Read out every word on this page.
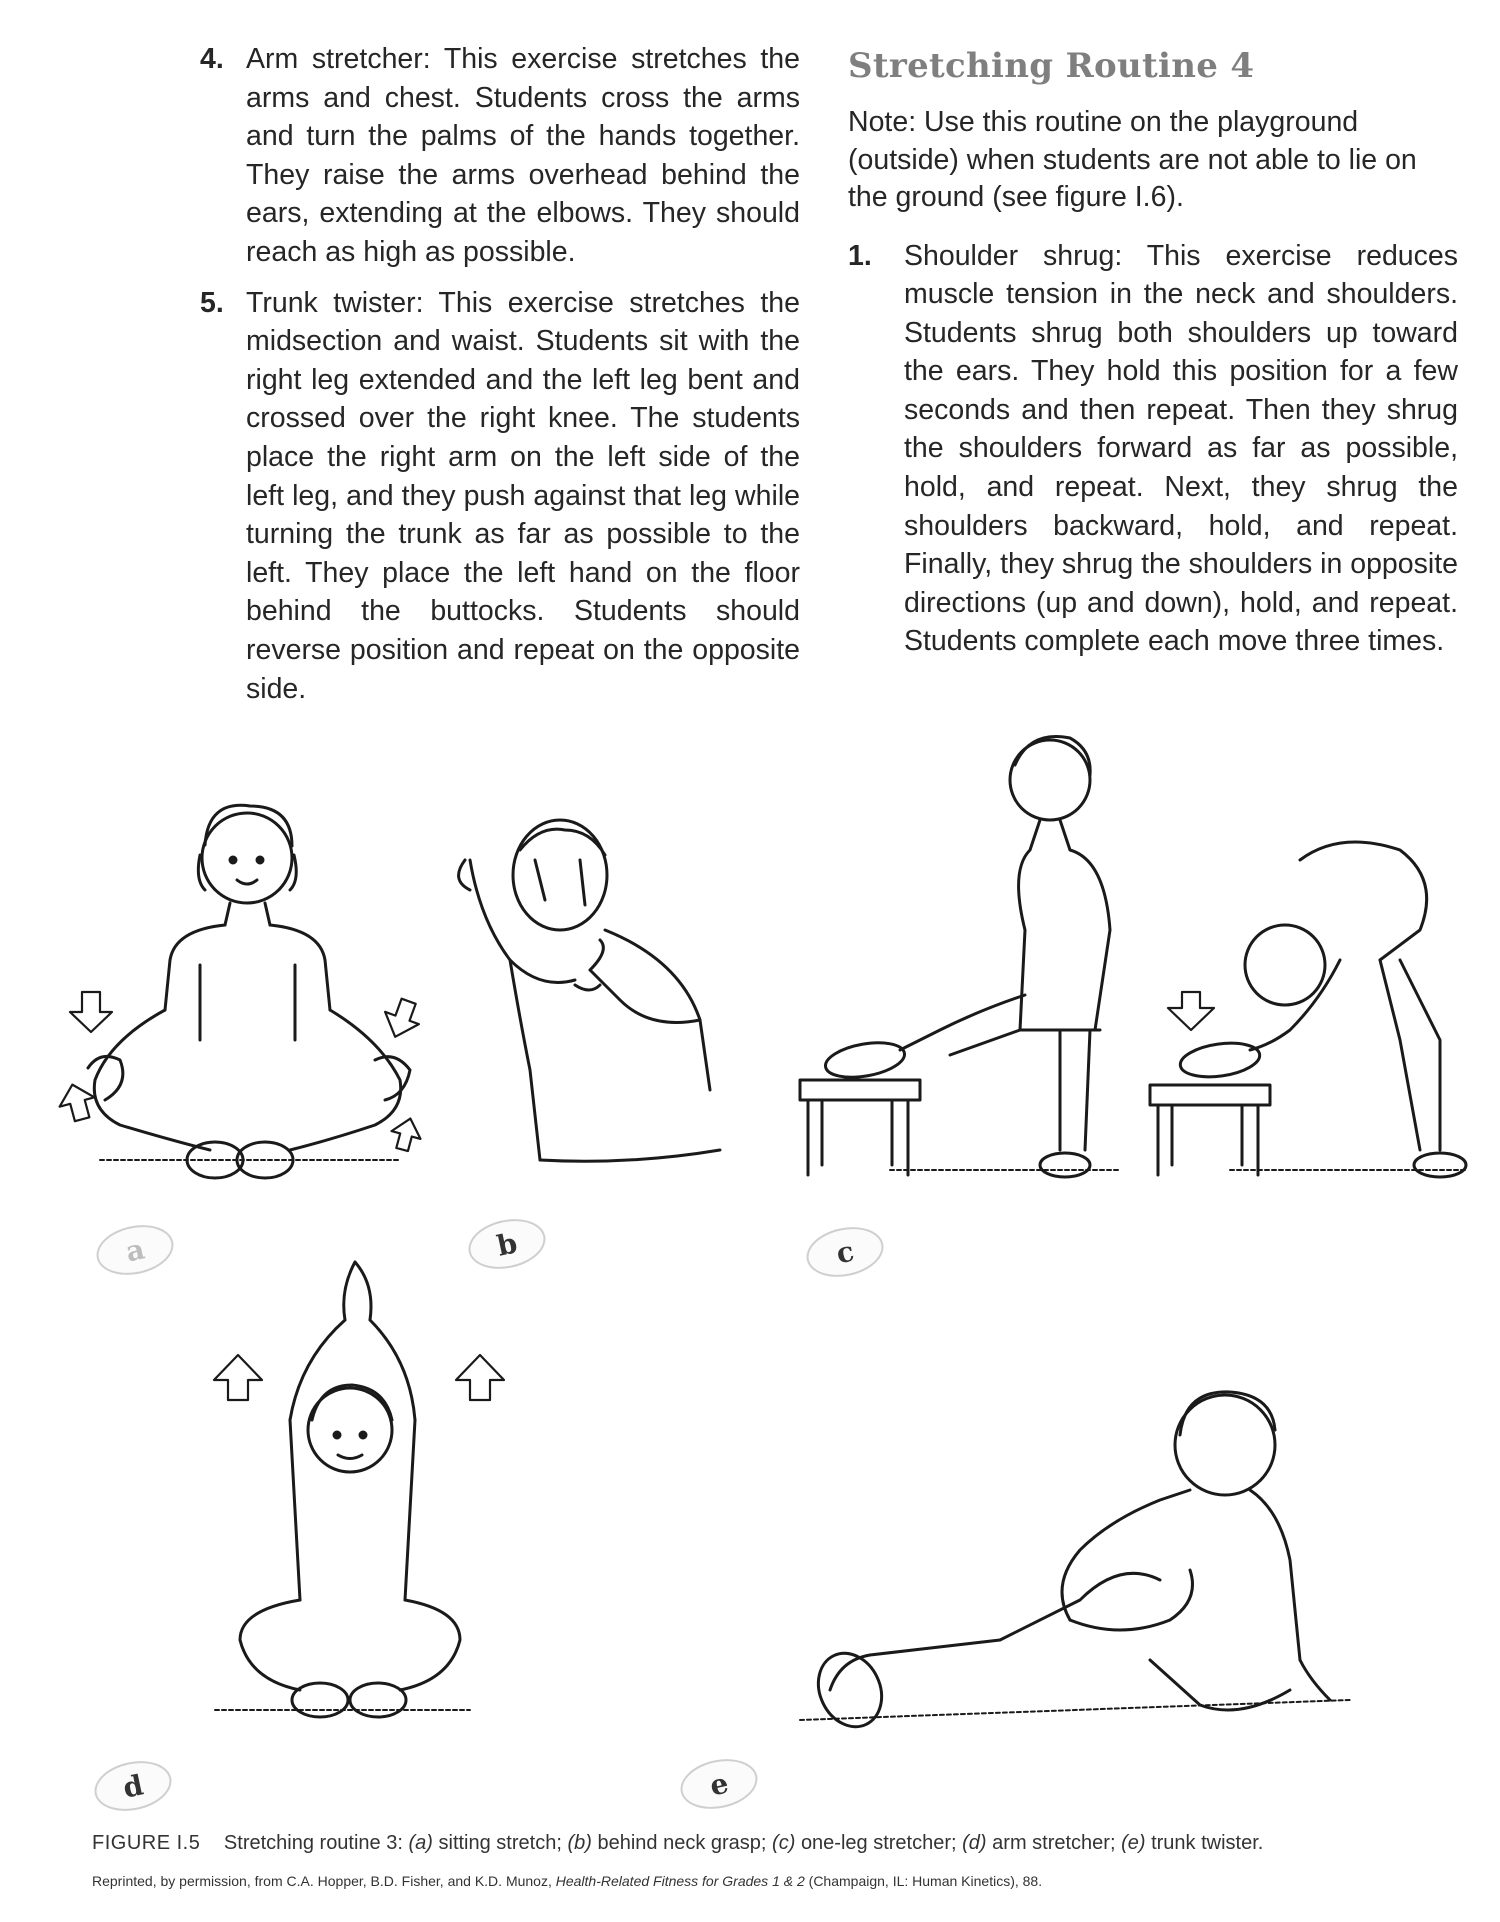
4. Arm stretcher: This exercise stretches the arms and chest. Students cross the arms and turn the palms of the hands together. They raise the arms overhead behind the ears, extending at the elbows. They should reach as high as possible.

5. Trunk twister: This exercise stretches the midsection and waist. Students sit with the right leg extended and the left leg bent and crossed over the right knee. The students place the right arm on the left side of the left leg, and they push against that leg while turning the trunk as far as possible to the left. They place the left hand on the floor behind the buttocks. Students should reverse position and repeat on the opposite side.

Stretching Routine 4

Note: Use this routine on the playground (outside) when students are not able to lie on the ground (see figure I.6).

1. Shoulder shrug: This exercise reduces muscle tension in the neck and shoulders. Students shrug both shoulders up toward the ears. They hold this position for a few seconds and then repeat. Then they shrug the shoulders forward as far as possible, hold, and repeat. Next, they shrug the shoulders backward, hold, and repeat. Finally, they shrug the shoulders in opposite directions (up and down), hold, and repeat. Students complete each move three times.

a	b	c
d	e
FIGURE I.5 Stretching routine 3: (a) sitting stretch; (b) behind neck grasp; (c) one-leg stretcher; (d) arm stretcher; (e) trunk twister.
Reprinted, by permission, from C.A. Hopper, B.D. Fisher, and K.D. Munoz, Health-Related Fitness for Grades 1 & 2 (Champaign, IL: Human Kinetics), 88.
